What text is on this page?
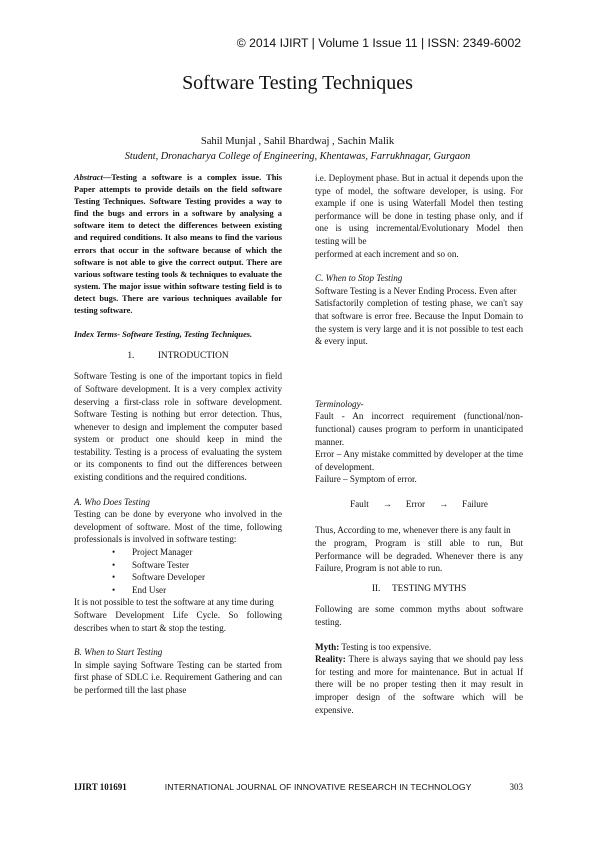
© 2014 IJIRT | Volume 1 Issue 11 | ISSN: 2349-6002
Software Testing Techniques
Sahil Munjal , Sahil Bhardwaj , Sachin Malik
Student, Dronacharya College of Engineering, Khentawas, Farrukhnagar, Gurgaon

Abstract—Testing a software is a complex issue. This Paper attempts to provide details on the field software Testing Techniques. Software Testing provides a way to find the bugs and errors in a software by analysing a software item to detect the differences between existing and required conditions. It also means to find the various errors that occur in the software because of which the software is not able to give the correct output. There are various software testing tools & techniques to evaluate the system. The major issue within software testing field is to detect bugs. There are various techniques available for testing software.

Index Terms- Software Testing, Testing Techniques.

1.          INTRODUCTION

Software Testing is one of the important topics in field of Software development. It is a very complex activity deserving a first-class role in software development. Software Testing is nothing but error detection. Thus, whenever to design and implement the computer based system or product one should keep in mind the testability. Testing is a process of evaluating the system or its components to find out the differences between existing conditions and the required conditions.

A. Who Does Testing

Testing can be done by everyone who involved in the development of software. Most of the time, following professionals is involved in software testing:

• Project Manager
• Software Tester
• Software Developer
• End User

It is not possible to test the software at any time during

Software Development Life Cycle. So following describes when to start & stop the testing.

B. When to Start Testing

In simple saying Software Testing can be started from first phase of SDLC i.e. Requirement Gathering and can be performed till the last phase

i.e. Deployment phase. But in actual it depends upon the type of model, the software developer, is using. For example if one is using Waterfall Model then testing performance will be done in testing phase only, and if one is using incremental/Evolutionary Model then testing will be

performed at each increment and so on.

C. When to Stop Testing

Software Testing is a Never Ending Process. Even after

Satisfactorily completion of testing phase, we can't say that software is error free. Because the Input Domain to the system is very large and it is not possible to test each & every input.

Terminology-

Fault - An incorrect requirement (functional/non-functional) causes program to perform in unanticipated manner.

Error – Any mistake committed by developer at the time of development.

Failure – Symptom of error.

Fault → Error → Failure

Thus, According to me, whenever there is any fault in

the program, Program is still able to run, But Performance will be degraded. Whenever there is any Failure, Program is not able to run.

II.     TESTING MYTHS

Following are some common myths about software testing.

Myth: Testing is too expensive.

Reality: There is always saying that we should pay less for testing and more for maintenance. But in actual If there will be no proper testing then it may result in improper design of the software which will be expensive.

IJIRT 101691	INTERNATIONAL JOURNAL OF INNOVATIVE RESEARCH IN TECHNOLOGY	303
